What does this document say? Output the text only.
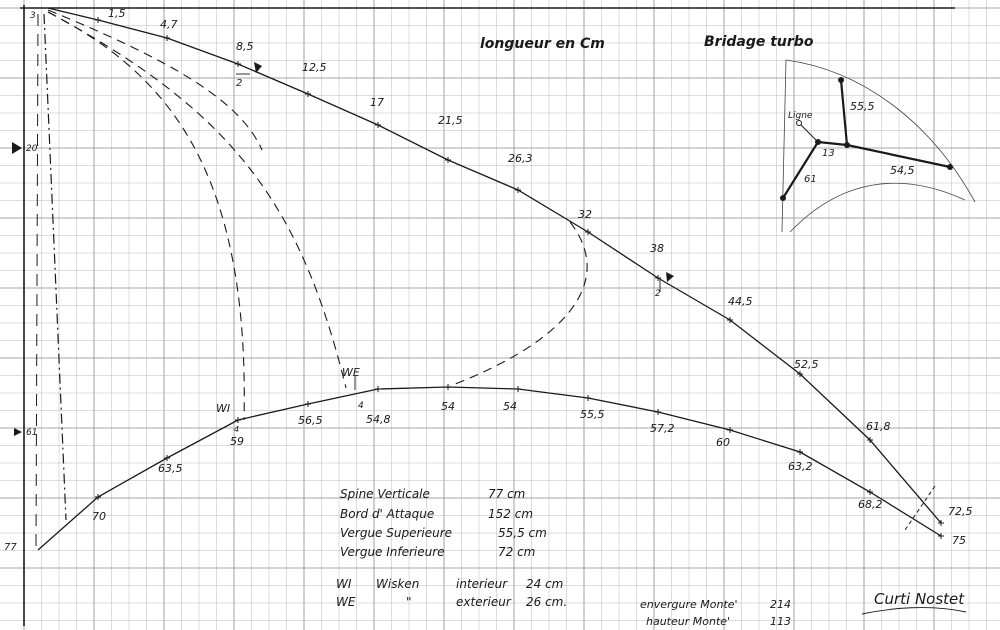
1,5
4,7
8,5
12,5
17
21,5
26,3
32
38
44,5
52,5
61,8
72,5
75
68,2
63,2
60
57,2
55,5
54
54
54,8
56,5
59
63,5
70
3
20
61
77
2
2
WE
4
WI
4
longueur en Cm	Bridage turbo
Ligne
55,5
13
54,5
61
Spine Verticale	77 cm
Bord d' Attaque	152 cm
Vergue Superieure	55,5 cm
Vergue Inferieure	72 cm
WI Wisken	interieur 24 cm
WE	"	exterieur 26 cm.	envergure Monte'	214
hauteur Monte'	113
Curti Nostet
